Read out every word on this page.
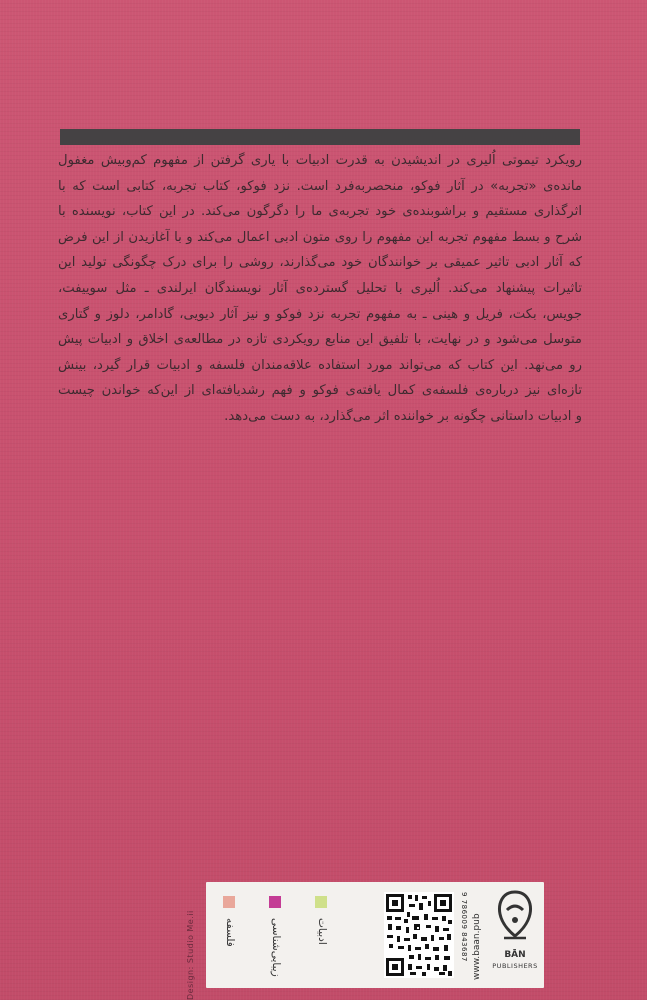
رویکرد تیموتی اُلیری در اندیشیدن به قدرت ادبیات با یاری گرفتن از مفهوم کم‌وبیش مغفول

مانده‌ی «تجربه» در آثار فوکو، منحصربه‌فرد است. نزد فوکو، کتاب تجربه، کتابی است که با

اثرگذاری مستقیم و براشوبنده‌ی خود تجربه‌ی ما را دگرگون می‌کند. در این کتاب، نویسنده با

شرح و بسط مفهوم تجربه این مفهوم را روی متون ادبی اعمال می‌کند و با آغازیدن از این فرض

که آثار ادبی تاثیر عمیقی بر خوانندگان خود می‌گذارند، روشی را برای درک چگونگی تولید این

تاثیرات پیشنهاد می‌کند. اُلیری با تحلیل گسترده‌ی آثار نویسندگان ایرلندی ـ مثل سوییفت،

جویس، بکت، فریل و هینی ـ به مفهوم تجربه نزد فوکو و نیز آثار دیویی، گادامر، دلوز و گتاری

متوسل می‌شود و در نهایت، با تلفیق این منابع رویکردی تازه در مطالعه‌ی اخلاق و ادبیات پیش

رو می‌نهد. این کتاب که می‌تواند مورد استفاده علاقه‌مندان فلسفه و ادبیات قرار گیرد، بینش

تازه‌ای نیز درباره‌ی فلسفه‌ی کمال یافته‌ی فوکو و فهم رشد‌یافته‌ای از این‌که خواندن چیست

و ادبیات داستانی چگونه بر خواننده اثر می‌گذارد، به دست می‌دهد.

Design: Studio Me.ii	فلسفه	زیبایی‌شناسی	ادبیات	9 786009 843687 www.baan.pub	BĀN
PUBLISHERS
